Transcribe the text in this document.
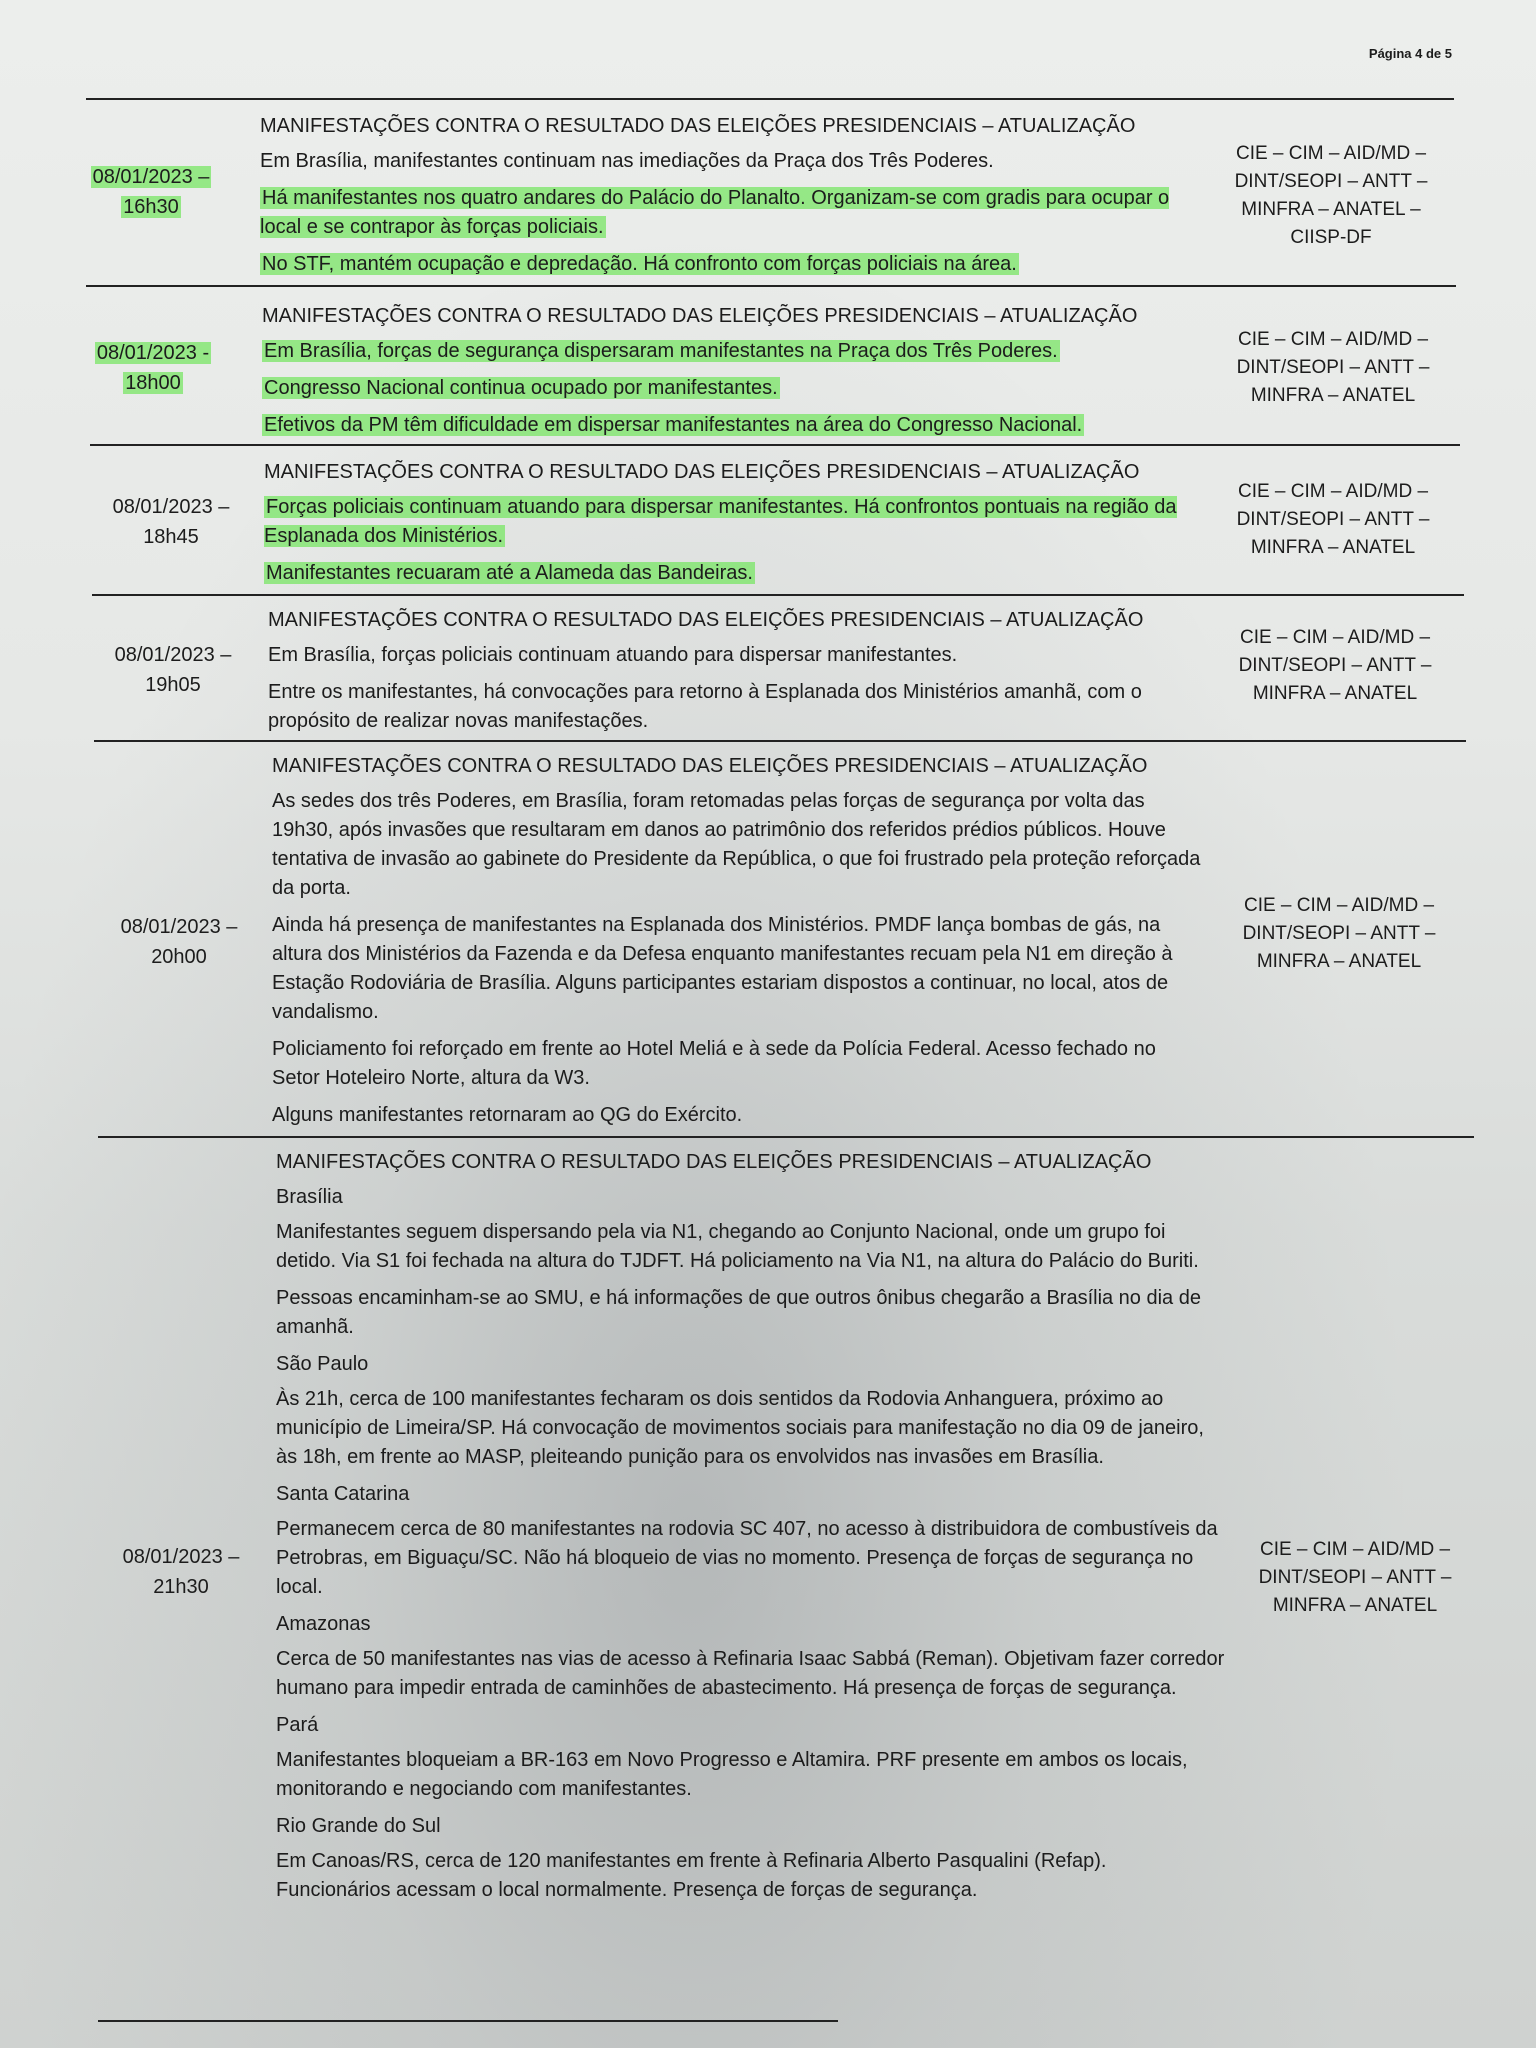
Página 4 de 5
08/01/2023 –
16h30

MANIFESTAÇÕES CONTRA O RESULTADO DAS ELEIÇÕES PRESIDENCIAIS – ATUALIZAÇÃO

Em Brasília, manifestantes continuam nas imediações da Praça dos Três Poderes.

Há manifestantes nos quatro andares do Palácio do Planalto. Organizam-se com gradis para ocupar o local e se contrapor às forças policiais.

No STF, mantém ocupação e depredação. Há confronto com forças policiais na área.

CIE – CIM – AID/MD –
DINT/SEOPI – ANTT –
MINFRA – ANATEL –
CIISP-DF
08/01/2023 -
18h00

MANIFESTAÇÕES CONTRA O RESULTADO DAS ELEIÇÕES PRESIDENCIAIS – ATUALIZAÇÃO

Em Brasília, forças de segurança dispersaram manifestantes na Praça dos Três Poderes.

Congresso Nacional continua ocupado por manifestantes.

Efetivos da PM têm dificuldade em dispersar manifestantes na área do Congresso Nacional.

CIE – CIM – AID/MD –
DINT/SEOPI – ANTT –
MINFRA – ANATEL
08/01/2023 –
18h45

MANIFESTAÇÕES CONTRA O RESULTADO DAS ELEIÇÕES PRESIDENCIAIS – ATUALIZAÇÃO

Forças policiais continuam atuando para dispersar manifestantes. Há confrontos pontuais na região da Esplanada dos Ministérios.

Manifestantes recuaram até a Alameda das Bandeiras.

CIE – CIM – AID/MD –
DINT/SEOPI – ANTT –
MINFRA – ANATEL
08/01/2023 –
19h05

MANIFESTAÇÕES CONTRA O RESULTADO DAS ELEIÇÕES PRESIDENCIAIS – ATUALIZAÇÃO

Em Brasília, forças policiais continuam atuando para dispersar manifestantes.

Entre os manifestantes, há convocações para retorno à Esplanada dos Ministérios amanhã, com o propósito de realizar novas manifestações.

CIE – CIM – AID/MD –
DINT/SEOPI – ANTT –
MINFRA – ANATEL
08/01/2023 –
20h00

MANIFESTAÇÕES CONTRA O RESULTADO DAS ELEIÇÕES PRESIDENCIAIS – ATUALIZAÇÃO

As sedes dos três Poderes, em Brasília, foram retomadas pelas forças de segurança por volta das 19h30, após invasões que resultaram em danos ao patrimônio dos referidos prédios públicos. Houve tentativa de invasão ao gabinete do Presidente da República, o que foi frustrado pela proteção reforçada da porta.

Ainda há presença de manifestantes na Esplanada dos Ministérios. PMDF lança bombas de gás, na altura dos Ministérios da Fazenda e da Defesa enquanto manifestantes recuam pela N1 em direção à Estação Rodoviária de Brasília. Alguns participantes estariam dispostos a continuar, no local, atos de vandalismo.

Policiamento foi reforçado em frente ao Hotel Meliá e à sede da Polícia Federal. Acesso fechado no Setor Hoteleiro Norte, altura da W3.

Alguns manifestantes retornaram ao QG do Exército.

CIE – CIM – AID/MD –
DINT/SEOPI – ANTT –
MINFRA – ANATEL
08/01/2023 –
21h30

MANIFESTAÇÕES CONTRA O RESULTADO DAS ELEIÇÕES PRESIDENCIAIS – ATUALIZAÇÃO

Brasília

Manifestantes seguem dispersando pela via N1, chegando ao Conjunto Nacional, onde um grupo foi detido. Via S1 foi fechada na altura do TJDFT. Há policiamento na Via N1, na altura do Palácio do Buriti.

Pessoas encaminham-se ao SMU, e há informações de que outros ônibus chegarão a Brasília no dia de amanhã.

São Paulo

Às 21h, cerca de 100 manifestantes fecharam os dois sentidos da Rodovia Anhanguera, próximo ao município de Limeira/SP. Há convocação de movimentos sociais para manifestação no dia 09 de janeiro, às 18h, em frente ao MASP, pleiteando punição para os envolvidos nas invasões em Brasília.

Santa Catarina

Permanecem cerca de 80 manifestantes na rodovia SC 407, no acesso à distribuidora de combustíveis da Petrobras, em Biguaçu/SC. Não há bloqueio de vias no momento. Presença de forças de segurança no local.

Amazonas

Cerca de 50 manifestantes nas vias de acesso à Refinaria Isaac Sabbá (Reman). Objetivam fazer corredor humano para impedir entrada de caminhões de abastecimento. Há presença de forças de segurança.

Pará

Manifestantes bloqueiam a BR-163 em Novo Progresso e Altamira. PRF presente em ambos os locais, monitorando e negociando com manifestantes.

Rio Grande do Sul

Em Canoas/RS, cerca de 120 manifestantes em frente à Refinaria Alberto Pasqualini (Refap). Funcionários acessam o local normalmente. Presença de forças de segurança.

CIE – CIM – AID/MD –
DINT/SEOPI – ANTT –
MINFRA – ANATEL
